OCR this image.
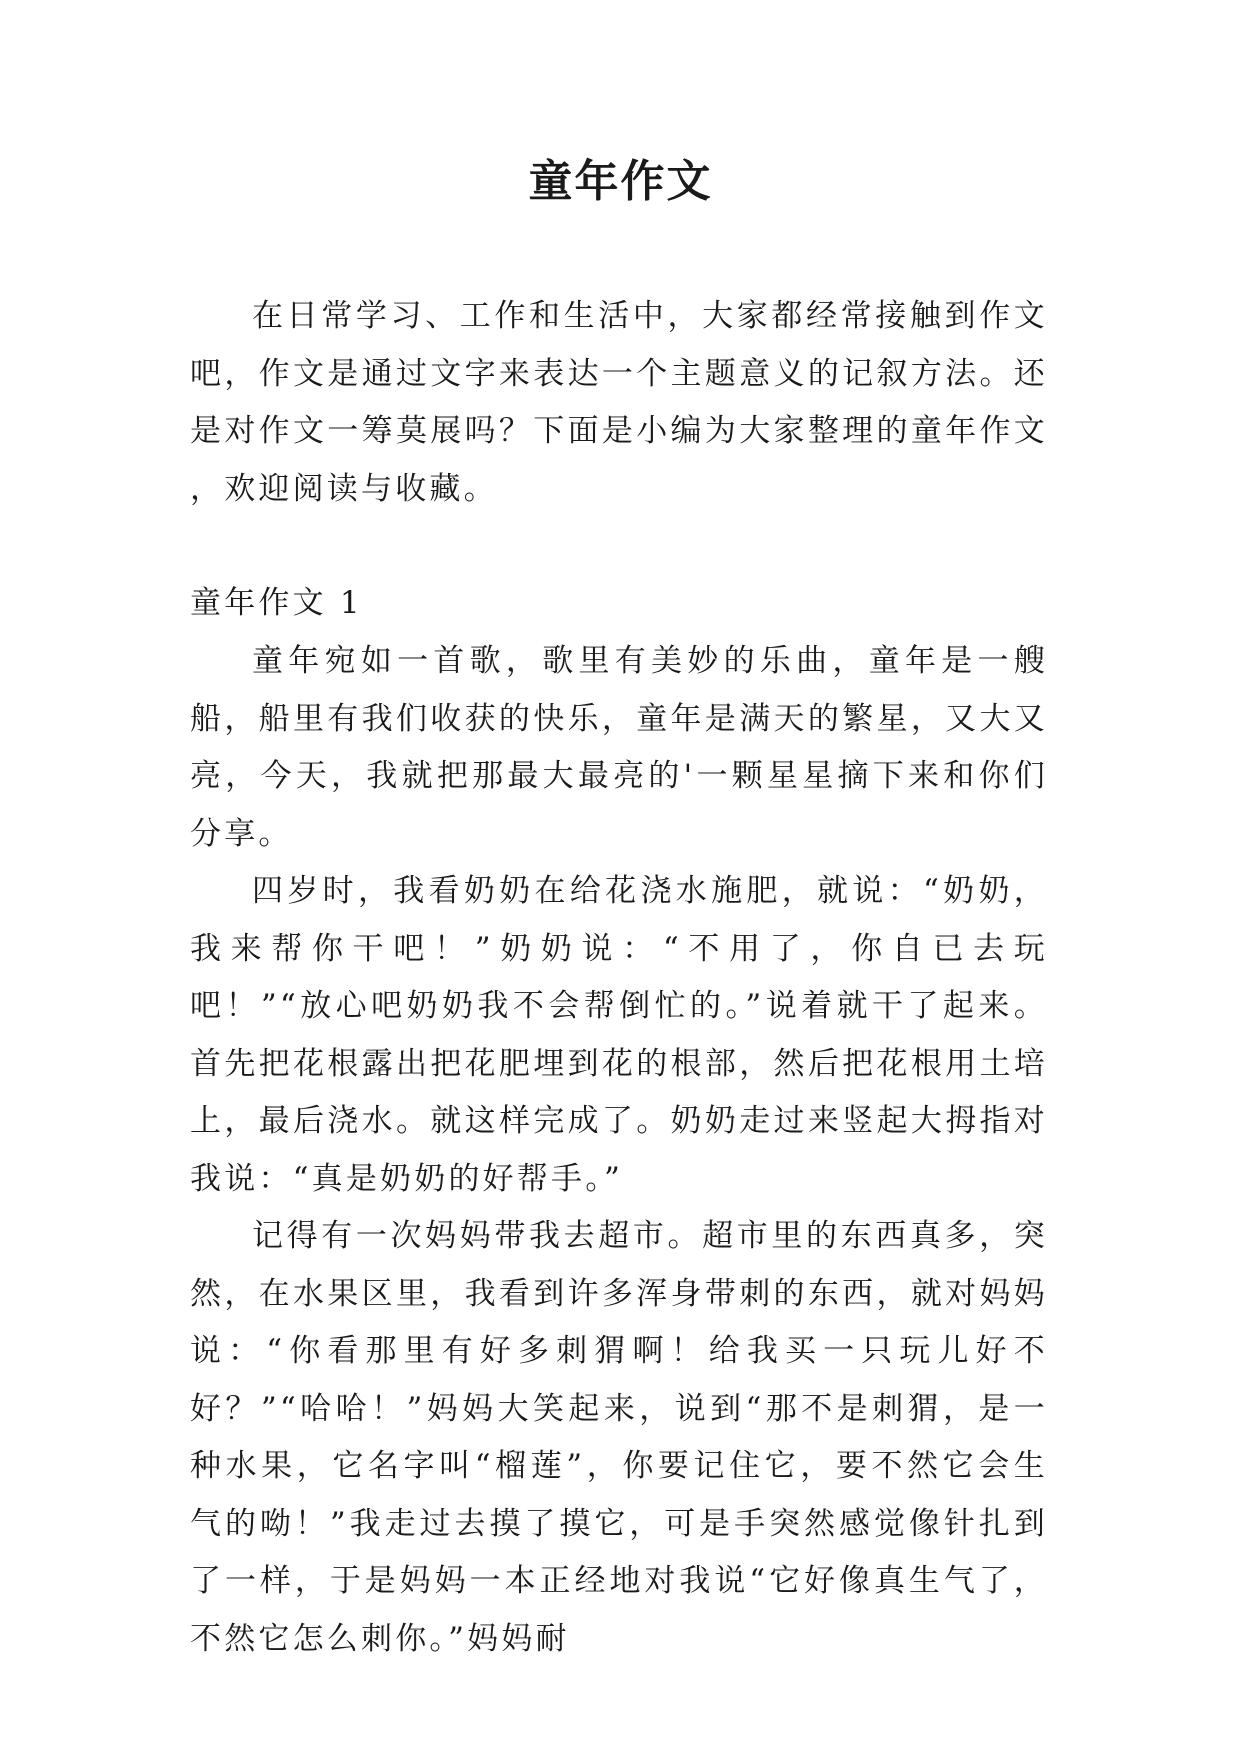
童年作文

在日常学习、工作和生活中，大家都经常接触到作文吧，作文是通过文字来表达一个主题意义的记叙方法。还是对作文一筹莫展吗？下面是小编为大家整理的童年作文 ，欢迎阅读与收藏。

童年作文 1

童年宛如一首歌，歌里有美妙的乐曲，童年是一艘船，船里有我们收获的快乐，童年是满天的繁星，又大又亮，今天，我就把那最大最亮的'一颗星星摘下来和你们分享。

四岁时，我看奶奶在给花浇水施肥，就说：“奶奶，我来帮你干吧！”奶奶说：“不用了，你自已去玩吧！”“放心吧奶奶我不会帮倒忙的。”说着就干了起来。首先把花根露出把花肥埋到花的根部，然后把花根用土培上，最后浇水。就这样完成了。奶奶走过来竖起大拇指对我说：“真是奶奶的好帮手。”

记得有一次妈妈带我去超市。超市里的东西真多，突然，在水果区里，我看到许多浑身带刺的东西，就对妈妈说：“你看那里有好多刺猬啊！给我买一只玩儿好不好？”“哈哈！”妈妈大笑起来，说到“那不是刺猬，是一种水果，它名字叫“榴莲”，你要记住它，要不然它会生气的呦！”我走过去摸了摸它，可是手突然感觉像针扎到了一样，于是妈妈一本正经地对我说“它好像真生气了，不然它怎么刺你。”妈妈耐
